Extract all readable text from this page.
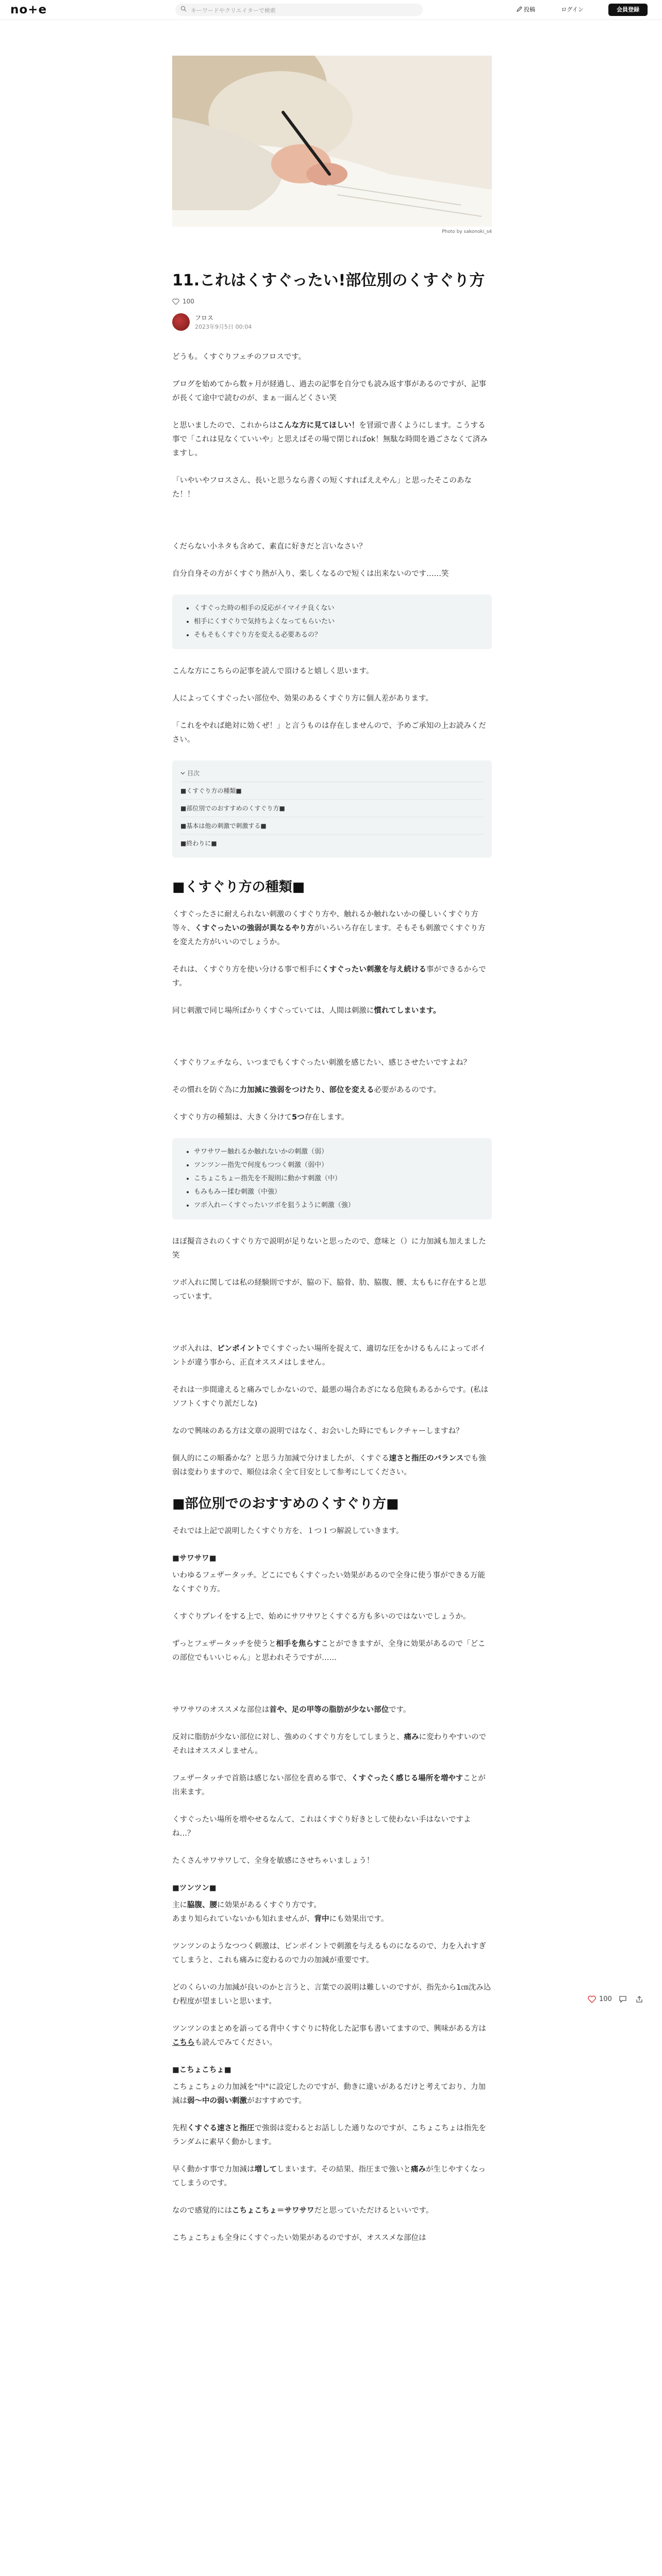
no+e	キーワードやクリエイターで検索	投稿	ログイン	会員登録
Photo by sakonoki_s4
11.これはくすぐったい!部位別のくすぐり方
100
フロス
2023年9月5日 00:04

どうも。くすぐりフェチのフロスです。

ブログを始めてから数ヶ月が経過し、過去の記事を自分でも読み返す事があるのですが、記事が長くて途中で読むのが、まぁ一面んどくさい笑

と思いましたので、これからはこんな方に見てほしい！を冒頭で書くようにします。こうする事で「これは見なくていいや」と思えばその場で閉じればok！無駄な時間を過ごさなくて済みますし。

「いやいやフロスさん、長いと思うなら書くの短くすればええやん」と思ったそこのあなた！！

くだらない小ネタも含めて、素直に好きだと言いなさい？

自分自身その方がくすぐり熱が入り、楽しくなるので短くは出来ないのです……笑

• くすぐった時の相手の反応がイマイチ良くない
• 相手にくすぐりで気持ちよくなってもらいたい
• そもそもくすぐり方を変える必要あるの？

こんな方にこちらの記事を読んで頂けると嬉しく思います。

人によってくすぐったい部位や、効果のあるくすぐり方に個人差があります。

「これをやれば絶対に効くぜ！」と言うものは存在しませんので、予めご承知の上お読みください。

目次
■くすぐり方の種類■
■部位別でのおすすめのくすぐり方■
■基本は他の刺激で刺激する■
■終わりに■
■くすぐり方の種類■

くすぐったさに耐えられない刺激のくすぐり方や、触れるか触れないかの優しいくすぐり方等々、くすぐったいの強弱が異なるやり方がいろいろ存在します。そもそも刺激でくすぐり方を変えた方がいいのでしょうか。

それは、くすぐり方を使い分ける事で相手にくすぐったい刺激を与え続ける事ができるからです。

同じ刺激で同じ場所ばかりくすぐっていては、人間は刺激に慣れてしまいます。

くすぐりフェチなら、いつまでもくすぐったい刺激を感じたい、感じさせたいですよね？

その慣れを防ぐ為に力加減に強弱をつけたり、部位を変える必要があるのです。

くすぐり方の種類は、大きく分けて5つ存在します。

• サワサワー触れるか触れないかの刺激（弱）
• ツンツンー指先で何度もつつく刺激（弱中）
• こちょこちょー指先を不規則に動かす刺激（中）
• もみもみー揉む刺激（中強）
• ツボ入れーくすぐったいツボを狙うように刺激（強）

ほぼ擬音されのくすぐり方で説明が足りないと思ったので、意味と（）に力加減も加えました笑

ツボ入れに関しては私の経験則ですが、脇の下、脇骨、肋、脇腹、腰、太ももに存在すると思っています。

ツボ入れは、ピンポイントでくすぐったい場所を捉えて、適切な圧をかけるもんによってポイントが違う事から、正直オススメはしません。

それは一歩間違えると痛みでしかないので、最悪の場合あざになる危険もあるからです。(私はソフトくすぐり派だしな)

なので興味のある方は文章の説明ではなく、お会いした時にでもレクチャーしますね？

個人的にこの順番かな？と思う力加減で分けましたが、くすぐる速さと指圧のバランスでも強弱は変わりますので、順位は余く全て目安として参考にしてください。

■部位別でのおすすめのくすぐり方■

それでは上記で説明したくすぐり方を、１つ１つ解説していきます。

■サワサワ■

いわゆるフェザータッチ。どこにでもくすぐったい効果があるので全身に使う事ができる万能なくすぐり方。

くすぐりプレイをする上で、始めにサワサワとくすぐる方も多いのではないでしょうか。

ずっとフェザータッチを使うと相手を焦らすことができますが、全身に効果があるので「どこの部位でもいいじゃん」と思われそうですが……

サワサワのオススメな部位は首や、足の甲等の脂肪が少ない部位です。

反対に脂肪が少ない部位に対し、強めのくすぐり方をしてしまうと、痛みに変わりやすいのでそれはオススメしません。

フェザータッチで首筋は感じない部位を責める事で、くすぐったく感じる場所を増やすことが出来ます。

くすぐったい場所を増やせるなんて、これはくすぐり好きとして使わない手はないですよね…？

たくさんサワサワして、全身を敏感にさせちゃいましょう！

■ツンツン■

主に脇腹、腰に効果があるくすぐり方です。
あまり知られていないかも知れませんが、背中にも効果出です。

ツンツンのようなつつく刺激は、ピンポイントで刺激を与えるものになるので、力を入れすぎてしまうと、これも痛みに変わるので力の加減が重要です。

どのくらいの力加減が良いのかと言うと、言葉での説明は難しいのですが、指先から1㎝沈み込む程度が望ましいと思います。

ツンツンのまとめを語ってる背中くすぐりに特化した記事も書いてますので、興味がある方はこちらも読んでみてください。

■こちょこちょ■

こちょこちょの力加減を"中"に設定したのですが、動きに違いがあるだけと考えており、力加減は弱～中の弱い刺激がおすすめです。

先程くすぐる速さと指圧で強弱は変わるとお話しした通りなのですが、こちょこちょは指先をランダムに素早く動かします。

早く動かす事で力加減は増してしまいます。その結果、指圧まで強いと痛みが生じやすくなってしまうのです。

なので感覚的にはこちょこちょ＝サワサワだと思っていただけるといいです。

こちょこちょも全身にくすぐったい効果があるのですが、オススメな部位は

100
